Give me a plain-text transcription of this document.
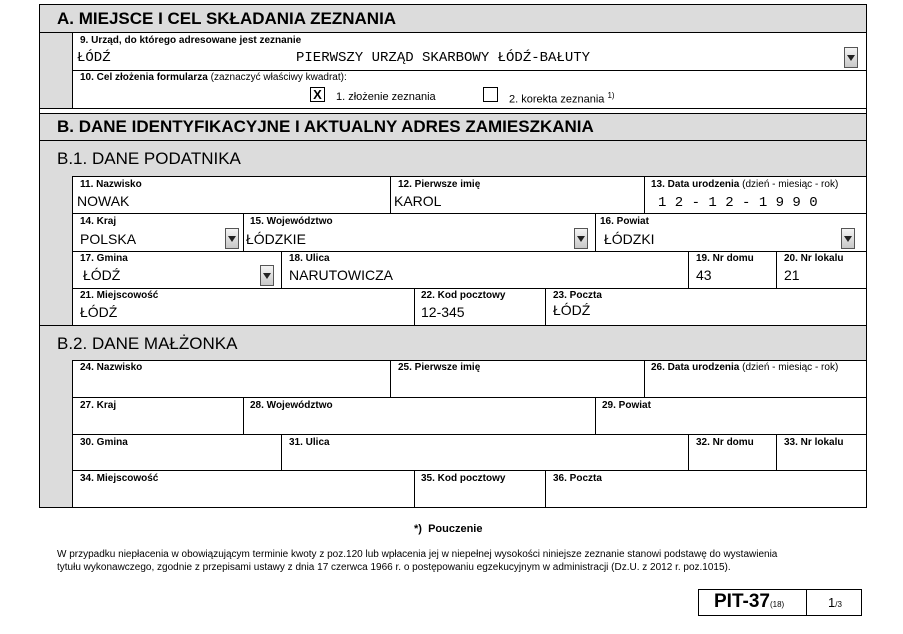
A. MIEJSCE I CEL SKŁADANIA ZEZNANIA
9. Urząd, do którego adresowane jest zeznanie
ŁÓDŹ	PIERWSZY URZĄD SKARBOWY ŁÓDŹ-BAŁUTY
10. Cel złożenia formularza (zaznaczyć właściwy kwadrat):
X 1. złożenie zeznania	2. korekta zeznania $^{1)}$
B. DANE IDENTYFIKACYJNE I AKTUALNY ADRES ZAMIESZKANIA
B.1. DANE PODATNIKA
11. Nazwisko
NOWAK
12. Pierwsze imię
KAROL
13. Data urodzenia (dzień - miesiąc - rok)
1 2 - 1 2 - 1 9 9 0
14. Kraj
POLSKA
15. Województwo
ŁÓDZKIE
16. Powiat
ŁÓDZKI
17. Gmina
ŁÓDŹ
18. Ulica
NARUTOWICZA
19. Nr domu
43
20. Nr lokalu
21
21. Miejscowość
ŁÓDŹ
22. Kod pocztowy
12-345
23. Poczta
ŁÓDŹ
B.2. DANE MAŁŻONKA
24. Nazwisko	25. Pierwsze imię	26. Data urodzenia (dzień - miesiąc - rok)
27. Kraj	28. Województwo	29. Powiat
30. Gmina	31. Ulica	32. Nr domu	33. Nr lokalu
34. Miejscowość	35. Kod pocztowy	36. Poczta
*) Pouczenie
W przypadku niepłacenia w obowiązującym terminie kwoty z poz.120 lub wpłacenia jej w niepełnej wysokości niniejsze zeznanie stanowi podstawę do wystawienia
tytułu wykonawczego, zgodnie z przepisami ustawy z dnia 17 czerwca 1966 r. o postępowaniu egzekucyjnym w administracji (Dz.U. z 2012 r. poz.1015).
PIT-37(18)	1/3
